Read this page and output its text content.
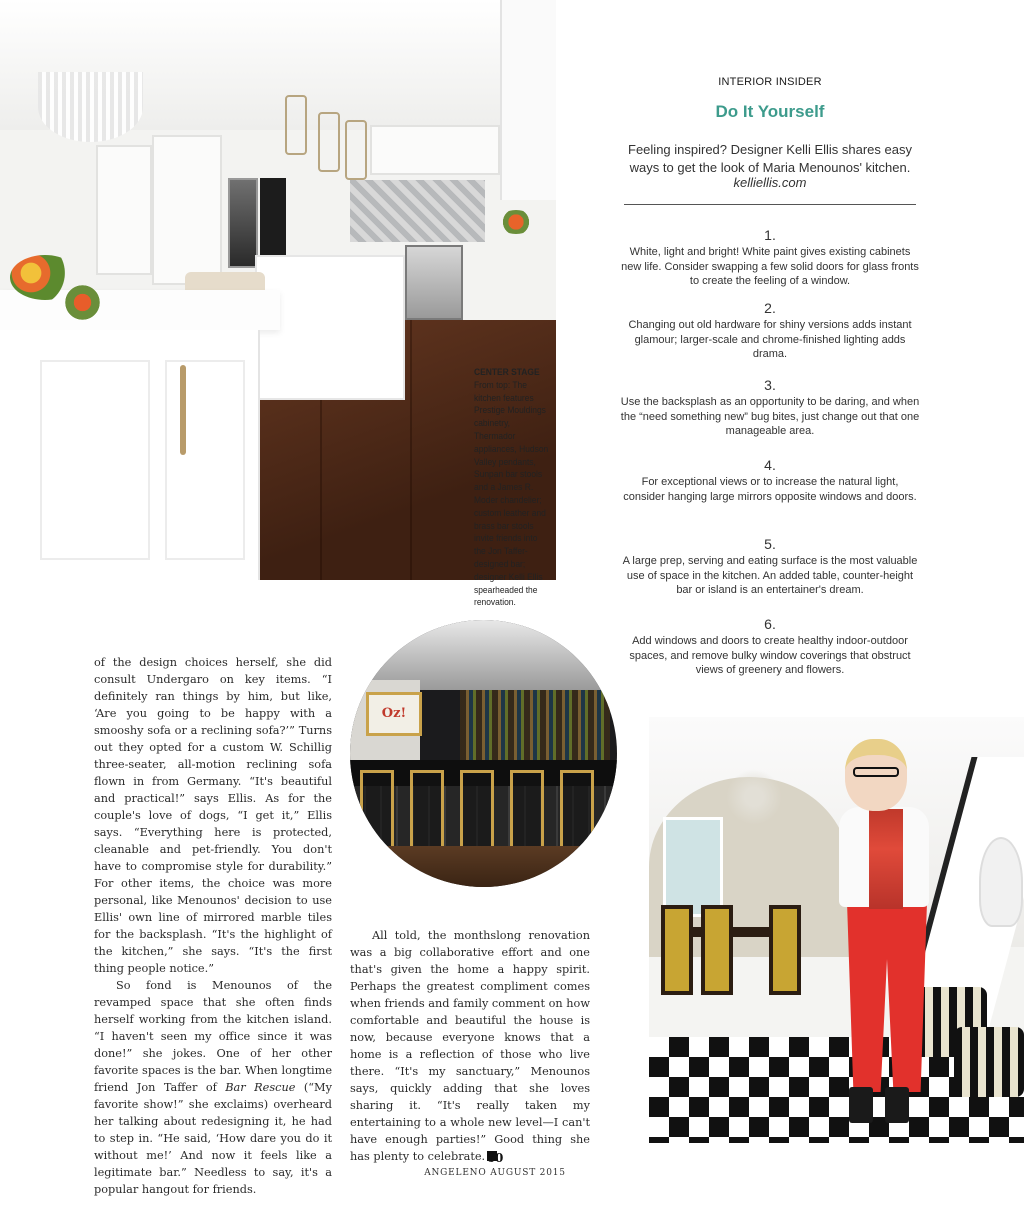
CENTER STAGE
From top: The kitchen features Prestige Mouldings cabinetry, Thermador appliances, Hudson Valley pendants, Sunpan bar stools and a James R. Moder chandelier; custom leather and brass bar stools invite friends into the Jon Taffer-designed bar; designer Kelli Ellis spearheaded the renovation.
INTERIOR INSIDER
Do It Yourself
Feeling inspired? Designer Kelli Ellis shares easy ways to get the look of Maria Menounos' kitchen.
kelliellis.com
1.
White, light and bright! White paint gives existing cabinets new life. Consider swapping a few solid doors for glass fronts to create the feeling of a window.
2.
Changing out old hardware for shiny versions adds instant glamour; larger-scale and chrome-finished lighting adds drama.
3.
Use the backsplash as an opportunity to be daring, and when the “need something new” bug bites, just change out that one manageable area.
4.
For exceptional views or to increase the natural light, consider hanging large mirrors opposite windows and doors.
5.
A large prep, serving and eating surface is the most valuable use of space in the kitchen. An added table, counter-height bar or island is an entertainer's dream.
6.
Add windows and doors to create healthy indoor-outdoor spaces, and remove bulky window coverings that obstruct views of greenery and flowers.
Oz!

of the design choices herself, she did consult Undergaro on key items. “I definitely ran things by him, but like, ‘Are you going to be happy with a smooshy sofa or a reclining sofa?’” Turns out they opted for a custom W. Schillig three-seater, all-motion reclining sofa flown in from Germany. “It's beautiful and practical!” says Ellis. As for the couple's love of dogs, “I get it,” Ellis says. “Everything here is protected, cleanable and pet-friendly. You don't have to compromise style for durability.” For other items, the choice was more personal, like Menounos' decision to use Ellis' own line of mirrored marble tiles for the backsplash. “It's the highlight of the kitchen,” she says. “It's the first thing people notice.”

So fond is Menounos of the revamped space that she often finds herself working from the kitchen island. “I haven't seen my office since it was done!” she jokes. One of her other favorite spaces is the bar. When longtime friend Jon Taffer of Bar Rescue (“My favorite show!” she exclaims) overheard her talking about redesigning it, he had to step in. “He said, ‘How dare you do it without me!’ And now it feels like a legitimate bar.” Needless to say, it's a popular hangout for friends.

All told, the monthslong renovation was a big collaborative effort and one that's given the home a happy spirit. Perhaps the greatest compliment comes when friends and family comment on how comfortable and beautiful the house is now, because everyone knows that a home is a reflection of those who live there. “It's my sanctuary,” Menounos says, quickly adding that she loves sharing it. “It's really taken my entertaining to a whole new level—I can't have enough parties!” Good thing she has plenty to celebrate. 60
ANGELENO AUGUST 2015
